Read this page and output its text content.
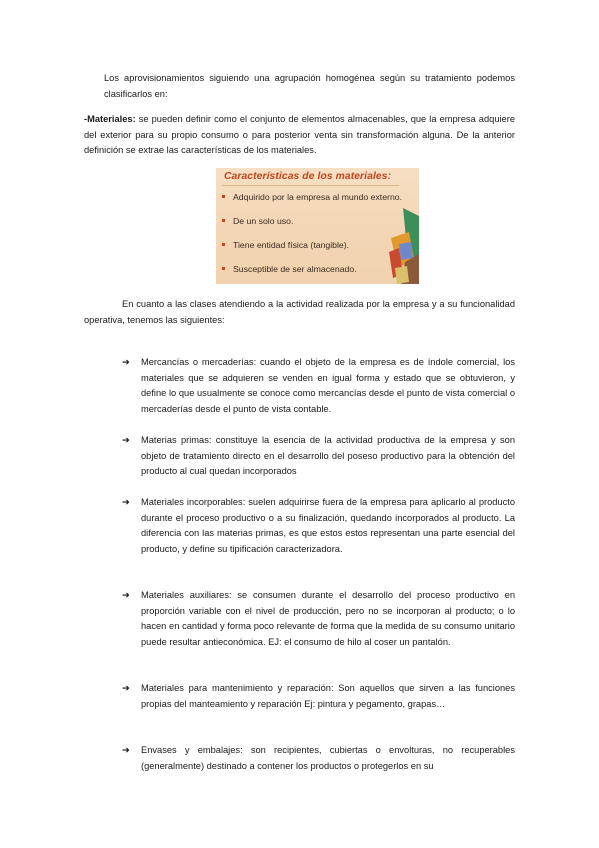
Los aprovisionamientos siguiendo una agrupación homogénea según su tratamiento podemos clasificarlos en:
-Materiales: se pueden definir como el conjunto de elementos almacenables, que la empresa adquiere del exterior para su propio consumo o para posterior venta sin transformación alguna. De la anterior definición se extrae las características de los materiales.
Características de los materiales:
Adquirido por la empresa al mundo externo.
De un solo uso.
Tiene entidad física (tangible).
Susceptible de ser almacenado.
En cuanto a las clases atendiendo a la actividad realizada por la empresa y a su funcionalidad operativa, tenemos las siguientes:
➔	Mercancías o mercaderías: cuando el objeto de la empresa es de índole comercial, los materiales que se adquieren se venden en igual forma y estado que se obtuvieron, y define lo que usualmente se conoce como mercancías desde el punto de vista comercial o mercaderías desde el punto de vista contable.
➔	Materias primas: constituye la esencia de la actividad productiva de la empresa y son objeto de tratamiento directo en el desarrollo del poseso productivo para la obtención del producto al cual quedan incorporados
➔	Materiales incorporables: suelen adquirirse fuera de la empresa para aplicarlo al producto durante el proceso productivo o a su finalización, quedando incorporados al producto. La diferencia con las materias primas, es que estos estos representan una parte esencial del producto, y define su tipificación caracterizadora.
➔	Materiales auxiliares: se consumen durante el desarrollo del proceso productivo en proporción variable con el nivel de producción, pero no se incorporan al producto; o lo hacen en cantidad y forma poco relevante de forma que la medida de su consumo unitario puede resultar antieconómica. EJ: el consumo de hilo al coser un pantalón.
➔	Materiales para mantenimiento y reparación: Son aquellos que sirven a las funciones propias del manteamiento y reparación Ej: pintura y pegamento, grapas…
➔	Envases y embalajes: son recipientes, cubiertas o envolturas, no recuperables (generalmente) destinado a contener los productos o protegerlos en su
